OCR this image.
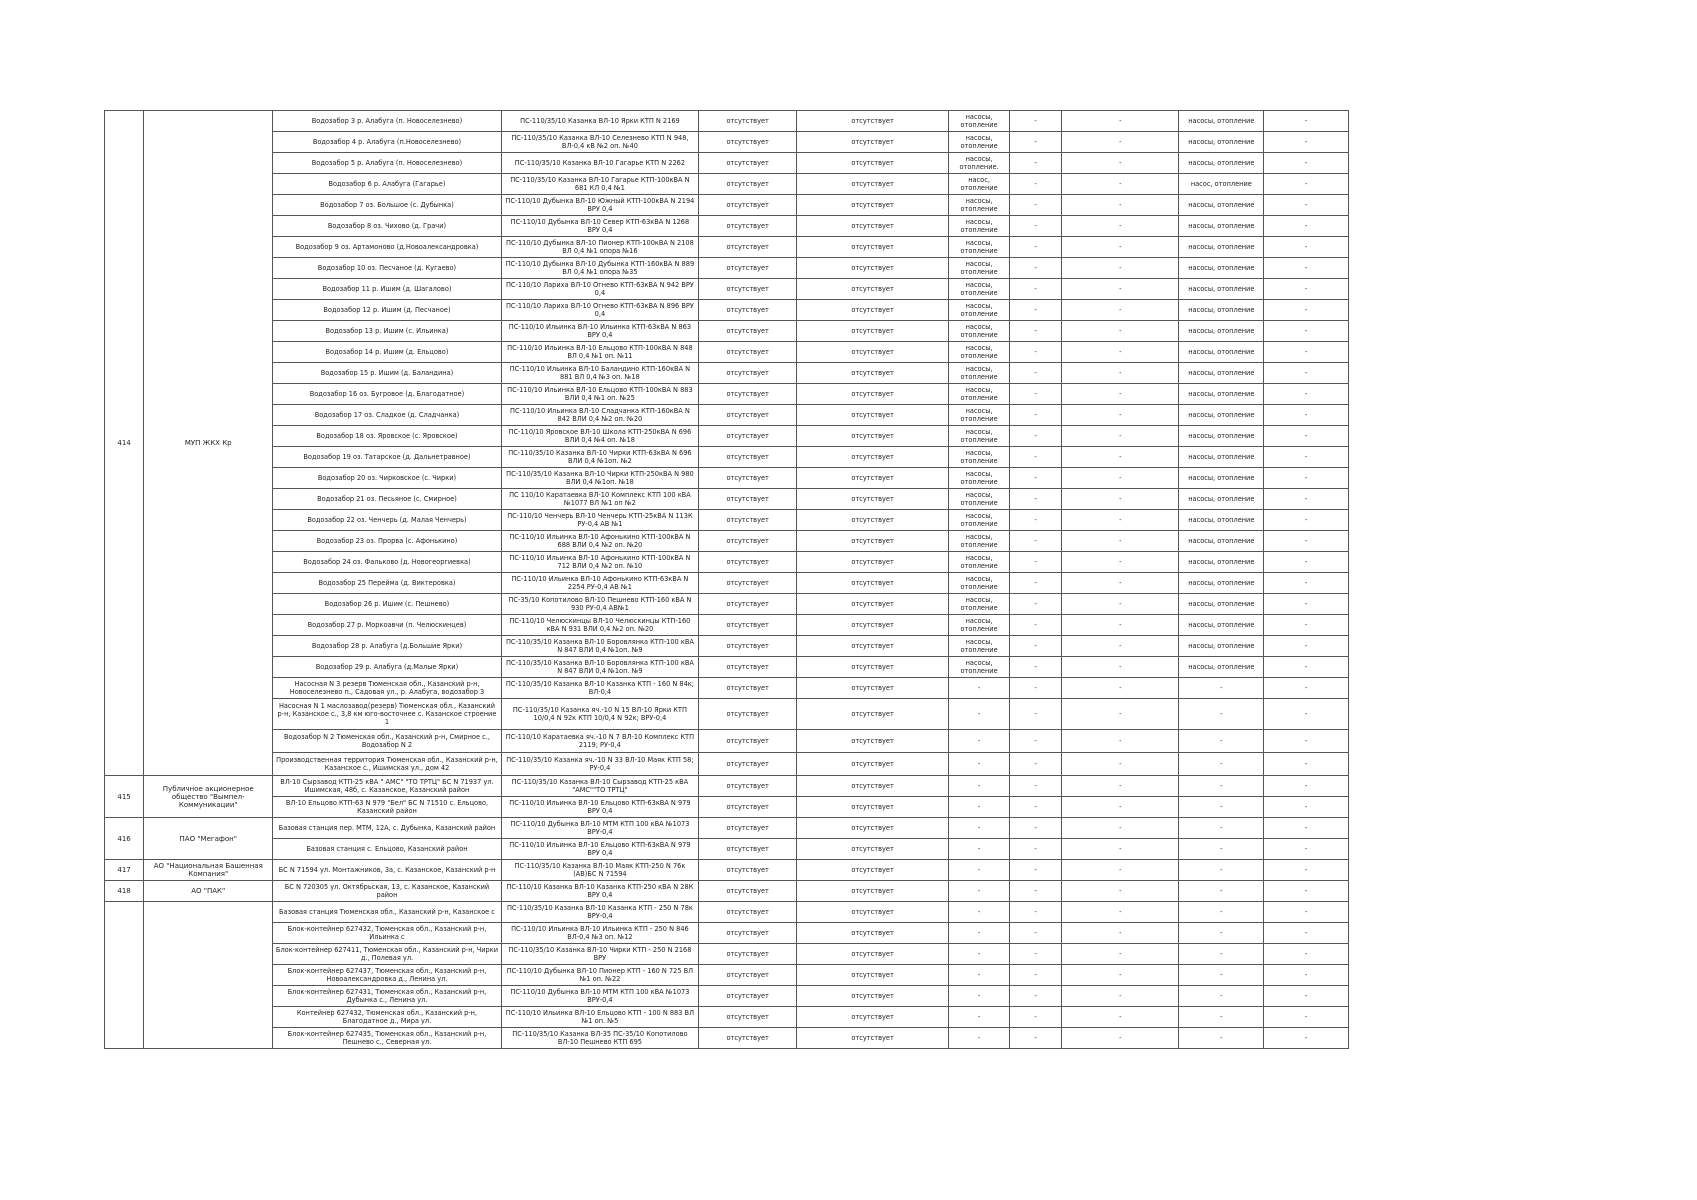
414	МУП ЖКХ Кр	Водозабор 3 р. Алабуга (п. Новоселезнево)	ПС-110/35/10 Казанка ВЛ-10 Ярки КТП N 2169	отсутствует	отсутствует	насосы, отопление	-	-	насосы, отопление	-
		Водозабор 4 р. Алабуга (п.Новоселезнево)	ПС-110/35/10 Казанка ВЛ-10 Селезнево КТП N 948, ВЛ-0,4 кВ №2 оп. №40	отсутствует	отсутствует	насосы, отопление	-	-	насосы, отопление	-
		Водозабор 5 р. Алабуга (п. Новоселезнево)	ПС-110/35/10 Казанка ВЛ-10 Гагарье КТП N 2262	отсутствует	отсутствует	насосы, отопление.	-	-	насосы, отопление	-
		Водозабор 6 р. Алабуга (Гагарье)	ПС-110/35/10 Казанка ВЛ-10 Гагарье КТП-100кВА N 681 КЛ 0,4 №1	отсутствует	отсутствует	насос, отопление	-	-	насос, отопление	-
		Водозабор 7 оз. Большое (с. Дубынка)	ПС-110/10 Дубынка ВЛ-10 Южный КТП-100кВА N 2194 ВРУ 0,4	отсутствует	отсутствует	насосы, отопление	-	-	насосы, отопление	-
		Водозабор 8 оз. Чихово (д. Грачи)	ПС-110/10 Дубынка ВЛ-10 Север КТП-63кВА N 1268 ВРУ 0,4	отсутствует	отсутствует	насосы, отопление	-	-	насосы, отопление	-
		Водозабор 9 оз. Артамоново (д.Новоалександровка)	ПС-110/10 Дубынка ВЛ-10 Пионер КТП-100кВА N 2108 ВЛ 0,4 №1 опора №16	отсутствует	отсутствует	насосы, отопление	-	-	насосы, отопление	-
		Водозабор 10 оз. Песчаное (д. Кугаево)	ПС-110/10 Дубынка ВЛ-10 Дубынка КТП-160кВА N 889 ВЛ 0,4 №1 опора №35	отсутствует	отсутствует	насосы, отопление	-	-	насосы, отопление	-
		Водозабор 11 р. Ишим (д. Шагалово)	ПС-110/10 Лариха ВЛ-10 Огнево КТП-63кВА N 942 ВРУ 0,4	отсутствует	отсутствует	насосы, отопление	-	-	насосы, отопление	-
		Водозабор 12 р. Ишим (д. Песчаное)	ПС-110/10 Лариха ВЛ-10 Огнево КТП-63кВА N 896 ВРУ 0,4	отсутствует	отсутствует	насосы, отопление	-	-	насосы, отопление	-
		Водозабор 13 р. Ишим (с. Ильинка)	ПС-110/10 Ильинка ВЛ-10 Ильинка КТП-63кВА N 863 ВРУ 0,4	отсутствует	отсутствует	насосы, отопление	-	-	насосы, отопление	-
		Водозабор 14 р. Ишим (д. Ельцово)	ПС-110/10 Ильинка ВЛ-10 Ельцово КТП-100кВА N 848 ВЛ 0,4 №1 оп. №11	отсутствует	отсутствует	насосы, отопление	-	-	насосы, отопление	-
		Водозабор 15 р. Ишим (д. Баландина)	ПС-110/10 Ильинка ВЛ-10 Баландино КТП-160кВА N 881 ВЛ 0,4 №3 оп. №18	отсутствует	отсутствует	насосы, отопление	-	-	насосы, отопление	-
		Водозабор 16 оз. Бугровое (д. Благодатное)	ПС-110/10 Ильинка ВЛ-10 Ельцово КТП-100кВА N 883 ВЛИ 0,4 №1 оп. №25	отсутствует	отсутствует	насосы, отопление	-	-	насосы, отопление	-
		Водозабор 17 оз. Сладкое (д. Сладчанка)	ПС-110/10 Ильинка ВЛ-10 Сладчанка КТП-160кВА N 842 ВЛИ 0,4 №2 оп. №20	отсутствует	отсутствует	насосы, отопление	-	-	насосы, отопление	-
		Водозабор 18 оз. Яровское (с. Яровское)	ПС-110/10 Яровское ВЛ-10 Школа КТП-250кВА N 696 ВЛИ 0,4 №4 оп. №18	отсутствует	отсутствует	насосы, отопление	-	-	насосы, отопление	-
		Водозабор 19 оз. Татарское (д. Дальнетравное)	ПС-110/35/10 Казанка ВЛ-10 Чирки КТП-63кВА N 696 ВЛИ 0,4 №1оп. №2	отсутствует	отсутствует	насосы, отопление	-	-	насосы, отопление	-
		Водозабор 20 оз. Чирковское (с. Чирки)	ПС-110/35/10 Казанка ВЛ-10 Чирки КТП-250кВА N 980 ВЛИ 0,4 №1оп. №18	отсутствует	отсутствует	насосы, отопление	-	-	насосы, отопление	-
		Водозабор 21 оз. Песьяное (с. Смирное)	ПС 110/10 Каратаевка ВЛ-10 Комплекс КТП 100 кВА №1077 ВЛ №1 оп №2	отсутствует	отсутствует	насосы, отопление	-	-	насосы, отопление	-
		Водозабор 22 оз. Ченчерь (д. Малая Ченчерь)	ПС-110/10 Ченчерь ВЛ-10 Ченчерь КТП-25кВА N 113К РУ-0,4 АВ №1	отсутствует	отсутствует	насосы, отопление	-	-	насосы, отопление	-
		Водозабор 23 оз. Прорва (с. Афонькино)	ПС-110/10 Ильинка ВЛ-10 Афонькино КТП-100кВА N 688 ВЛИ 0,4 №2 оп. №20	отсутствует	отсутствует	насосы, отопление	-	-	насосы, отопление	-
		Водозабор 24 оз. Фальково (д. Новогеоргиевка)	ПС-110/10 Ильинка ВЛ-10 Афонькино КТП-100кВА N 712 ВЛИ 0,4 №2 оп. №10	отсутствует	отсутствует	насосы, отопление	-	-	насосы, отопление	-
		Водозабор 25 Перейма (д. Виктеровка)	ПС-110/10 Ильинка ВЛ-10 Афонькино КТП-63кВА N 2254 РУ-0,4 АВ №1	отсутствует	отсутствует	насосы, отопление	-	-	насосы, отопление	-
		Водозабор 26 р. Ишим (с. Пешнево)	ПС-35/10 Копотилово ВЛ-10 Пешнево КТП-160 кВА N 930 РУ-0,4 АВ№1	отсутствует	отсутствует	насосы, отопление	-	-	насосы, отопление	-
		Водозабор 27 р. Моркоавчи (п. Челюскинцев)	ПС-110/10 Челюскинцы ВЛ-10 Челюскинцы КТП-160 кВА N 931 ВЛИ 0,4 №2 оп. №20	отсутствует	отсутствует	насосы, отопление	-	-	насосы, отопление	-
		Водозабор 28 р. Алабуга (д.Большие Ярки)	ПС-110/35/10 Казанка ВЛ-10 Боровлянка КТП-100 кВА N 847 ВЛИ 0,4 №1оп. №9	отсутствует	отсутствует	насосы, отопление	-	-	насосы, отопление	-
		Водозабор 29 р. Алабуга (д.Малые Ярки)	ПС-110/35/10 Казанка ВЛ-10 Боровлянка КТП-100 кВА N 847 ВЛИ 0,4 №1оп. №9	отсутствует	отсутствует	насосы, отопление	-	-	насосы, отопление	-
		Насосная N 3 резерв Тюменская обл., Казанский р-н, Новоселезнево п., Садовая ул., р. Алабуга, водозабор 3	ПС-110/35/10 Казанка ВЛ-10 Казанка КТП - 160 N 84к; ВЛ-0,4	отсутствует	отсутствует	-	-	-	-	-
		Насосная N 1 маслозавод(резерв) Тюменская обл., Казанский р-н, Казанское с., 3,8 км юго-восточнее с. Казанское строение 1	ПС-110/35/10 Казанка яч.-10 N 15 ВЛ-10 Ярки КТП 10/0,4 N 92к КТП 10/0,4 N 92к; ВРУ-0,4	отсутствует	отсутствует	-	-	-	-	-
		Водозабор N 2 Тюменская обл., Казанский р-н, Смирное с., Водозабор N 2	ПС-110/10 Каратаевка яч.-10 N 7 ВЛ-10 Комплекс КТП 2119; РУ-0,4	отсутствует	отсутствует	-	-	-	-	-
		Производственная территория Тюменская обл., Казанский р-н, Казанское с., Ишимская ул., дом 42	ПС-110/35/10 Казанка яч.-10 N 33 ВЛ-10 Маяк КТП 58; РУ-0,4	отсутствует	отсутствует	-	-	-	-	-
415	Публичное акционерное общество "Вымпел-Коммуникации"	ВЛ-10 Сырзавод КТП-25 кВА " АМС" "ТО ТРТЦ" БС N 71937 ул. Ишимская, 48б, с. Казанское, Казанский район	ПС-110/35/10 Казанка ВЛ-10 Сырзавод КТП-25 кВА "АМС""ТО ТРТЦ"	отсутствует	отсутствует	-	-	-	-	-
		ВЛ-10 Ельцово КТП-63 N 979 "Бел" БС N 71510 с. Ельцово, Казанский район	ПС-110/10 Ильинка ВЛ-10 Ельцово КТП-63кВА N 979 ВРУ 0,4	отсутствует	отсутствует	-	-	-	-	-
416	ПАО "Мегафон"	Базовая станция пер. МТМ, 12А, с. Дубынка, Казанский район	ПС-110/10 Дубынка ВЛ-10 МТМ КТП 100 кВА №1073 ВРУ-0,4	отсутствует	отсутствует	-	-	-	-	-
		Базовая станция с. Ельцово, Казанский район	ПС-110/10 Ильинка ВЛ-10 Ельцово КТП-63кВА N 979 ВРУ 0,4	отсутствует	отсутствует	-	-	-	-	-
417	АО "Национальная Башенная Компания"	БС N 71594 ул. Монтажников, 3а, с. Казанское, Казанский р-н	ПС-110/35/10 Казанка ВЛ-10 Маяк КТП-250 N 76к (АВ)БС N 71594	отсутствует	отсутствует	-	-	-	-	-
418	АО "ПАК"	БС N 720305 ул. Октябрьская, 13, с. Казанское, Казанский район	ПС-110/10 Казанка ВЛ-10 Казанка КТП-250 кВА N 28К ВРУ 0,4	отсутствует	отсутствует	-	-	-	-	-
		Базовая станция Тюменская обл., Казанский р-н, Казанское с	ПС-110/35/10 Казанка ВЛ-10 Казанка КТП - 250 N 78к ВРУ-0,4	отсутствует	отсутствует	-	-	-	-	-
		Блок-контейнер 627432, Тюменская обл., Казанский р-н, Ильинка с	ПС-110/10 Ильинка ВЛ-10 Ильинка КТП - 250 N 846 ВЛ-0,4 №3 оп. №12	отсутствует	отсутствует	-	-	-	-	-
		Блок-контейнер 627411, Тюменская обл., Казанский р-н, Чирки д., Полевая ул.	ПС-110/35/10 Казанка ВЛ-10 Чирки КТП - 250 N 2168 ВРУ	отсутствует	отсутствует	-	-	-	-	-
		Блок-контейнер 627437, Тюменская обл., Казанский р-н, Новоалександровка д., Ленина ул.	ПС-110/10 Дубынка ВЛ-10 Пионер КТП - 160 N 725 ВЛ №1 оп. №22	отсутствует	отсутствует	-	-	-	-	-
		Блок-контейнер 627431, Тюменская обл., Казанский р-н, Дубынка с., Ленина ул.	ПС-110/10 Дубынка ВЛ-10 МТМ КТП 100 кВА №1073 ВРУ-0,4	отсутствует	отсутствует	-	-	-	-	-
		Контейнер 627432, Тюменская обл., Казанский р-н, Благодатное д., Мира ул.	ПС-110/10 Ильинка ВЛ-10 Ельцово КТП - 100 N 883 ВЛ №1 оп. №5	отсутствует	отсутствует	-	-	-	-	-
		Блок-контейнер 627435, Тюменская обл., Казанский р-н, Пешнево с., Северная ул.	ПС-110/35/10 Казанка ВЛ-35 ПС-35/10 Копотилово ВЛ-10 Пешнево КТП 695	отсутствует	отсутствует	-	-	-	-	-
